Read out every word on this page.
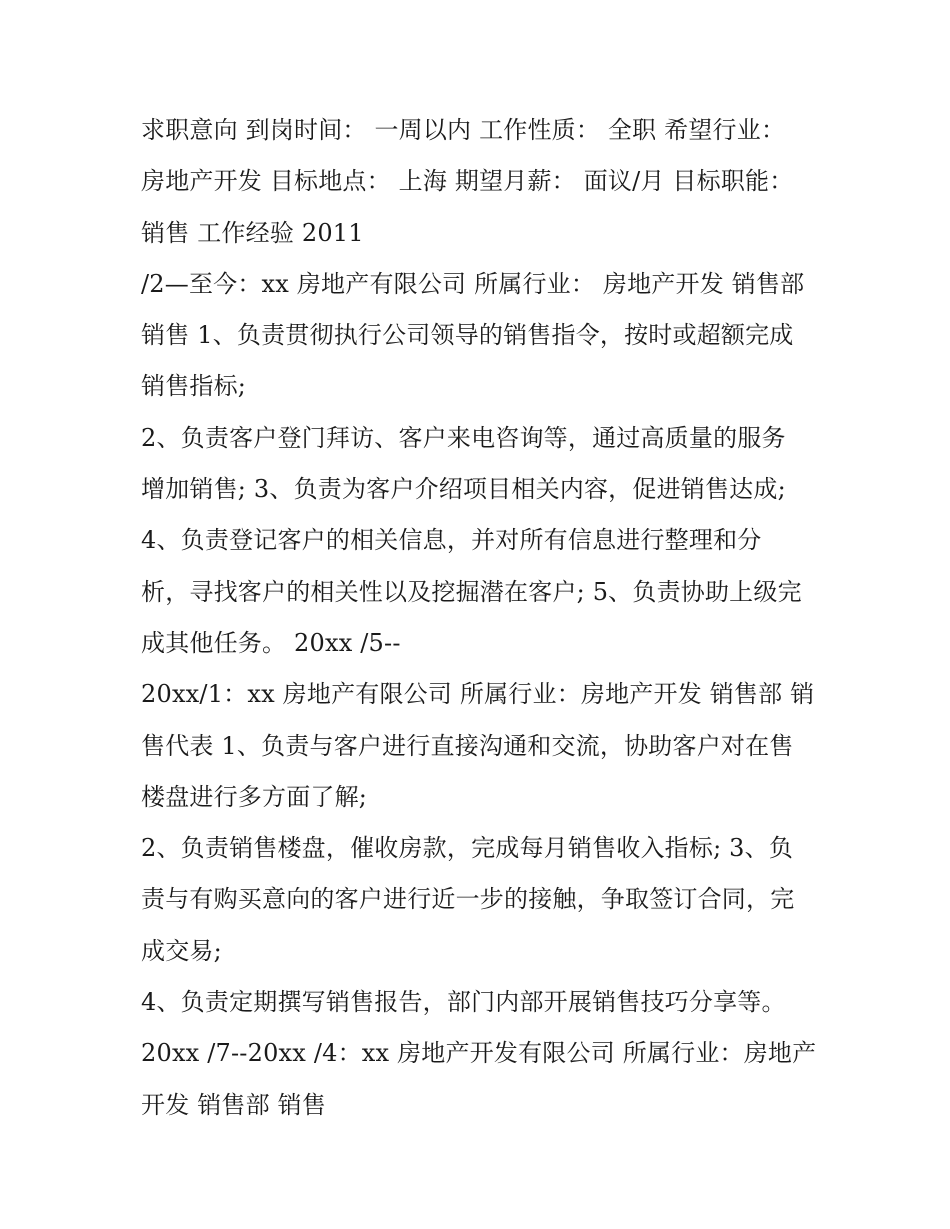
求职意向 到岗时间： 一周以内 工作性质： 全职 希望行业：
房地产开发 目标地点： 上海 期望月薪： 面议/月 目标职能：
销售 工作经验 2011
/2—至今：xx 房地产有限公司 所属行业： 房地产开发 销售部
销售 1、负责贯彻执行公司领导的销售指令，按时或超额完成
销售指标;
2、负责客户登门拜访、客户来电咨询等，通过高质量的服务
增加销售; 3、负责为客户介绍项目相关内容，促进销售达成;
4、负责登记客户的相关信息，并对所有信息进行整理和分
析，寻找客户的相关性以及挖掘潜在客户; 5、负责协助上级完
成其他任务。 20xx /5--
20xx/1：xx 房地产有限公司 所属行业：房地产开发 销售部 销
售代表 1、负责与客户进行直接沟通和交流，协助客户对在售
楼盘进行多方面了解;
2、负责销售楼盘，催收房款，完成每月销售收入指标; 3、负
责与有购买意向的客户进行近一步的接触，争取签订合同，完
成交易;
4、负责定期撰写销售报告，部门内部开展销售技巧分享等。
20xx /7--20xx /4：xx 房地产开发有限公司 所属行业：房地产
开发 销售部 销售
